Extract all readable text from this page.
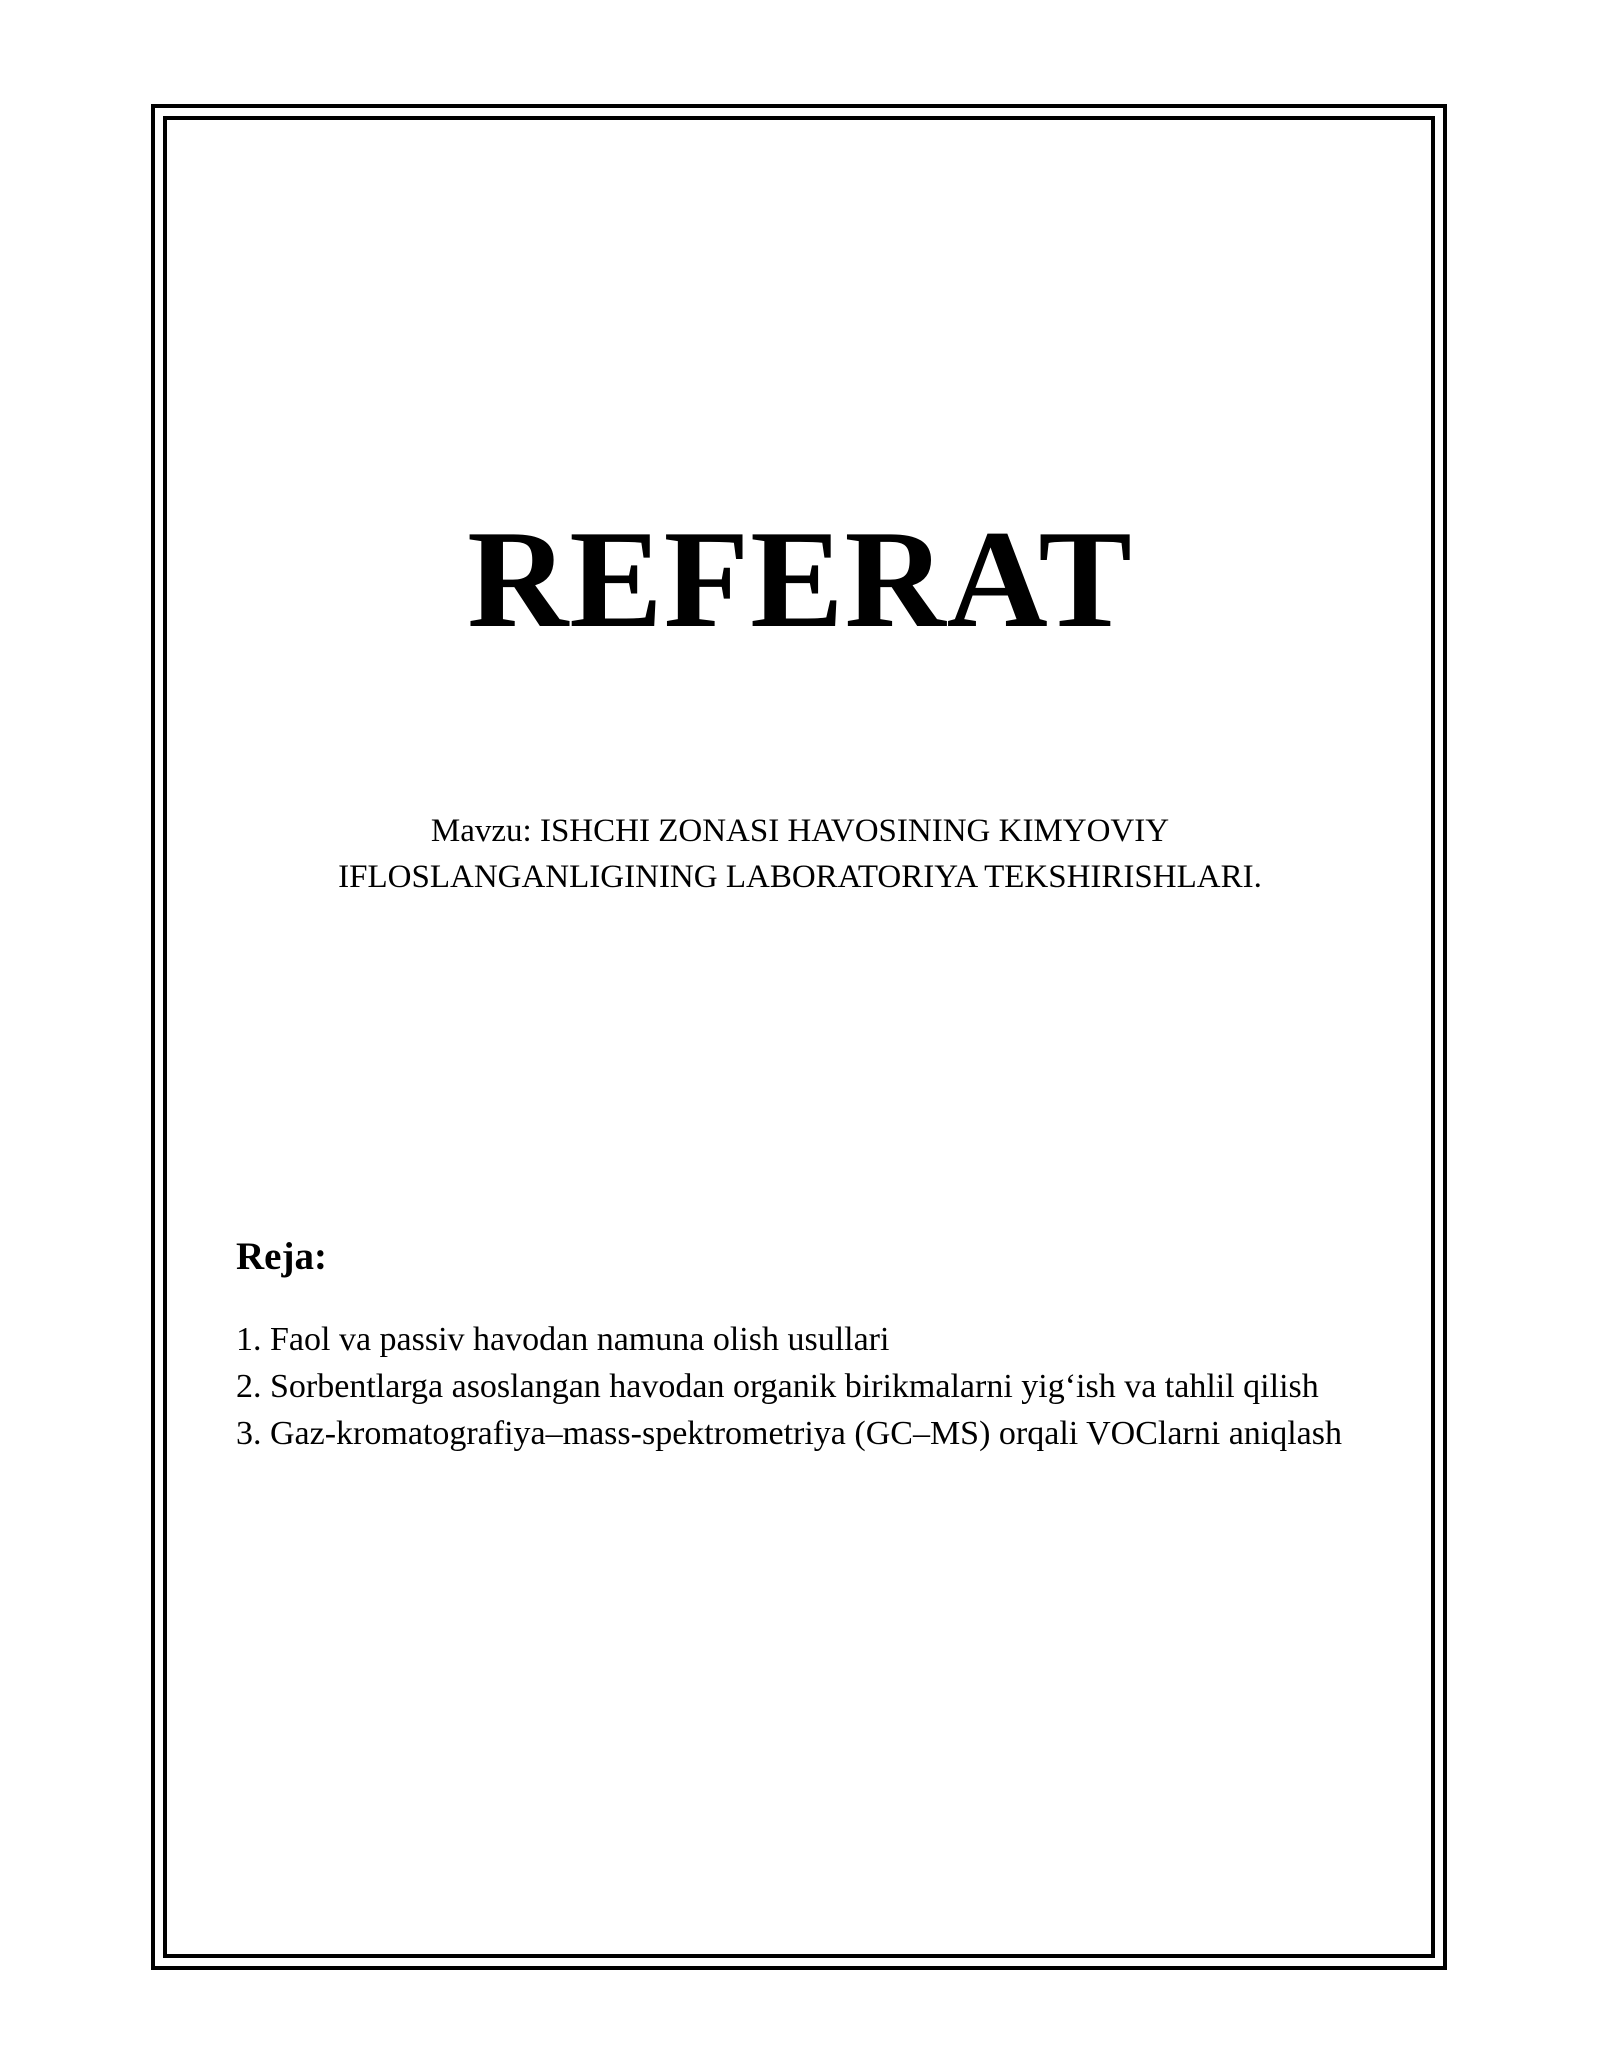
REFERAT

Mavzu: ISHCHI ZONASI HAVOSINING KIMYOVIY
IFLOSLANGANLIGINING LABORATORIYA TEKSHIRISHLARI.

Reja:
1. Faol va passiv havodan namuna olish usullari
2. Sorbentlarga asoslangan havodan organik birikmalarni yig‘ish va tahlil qilish
3. Gaz-kromatografiya–mass-spektrometriya (GC–MS) orqali VOClarni aniqlash
